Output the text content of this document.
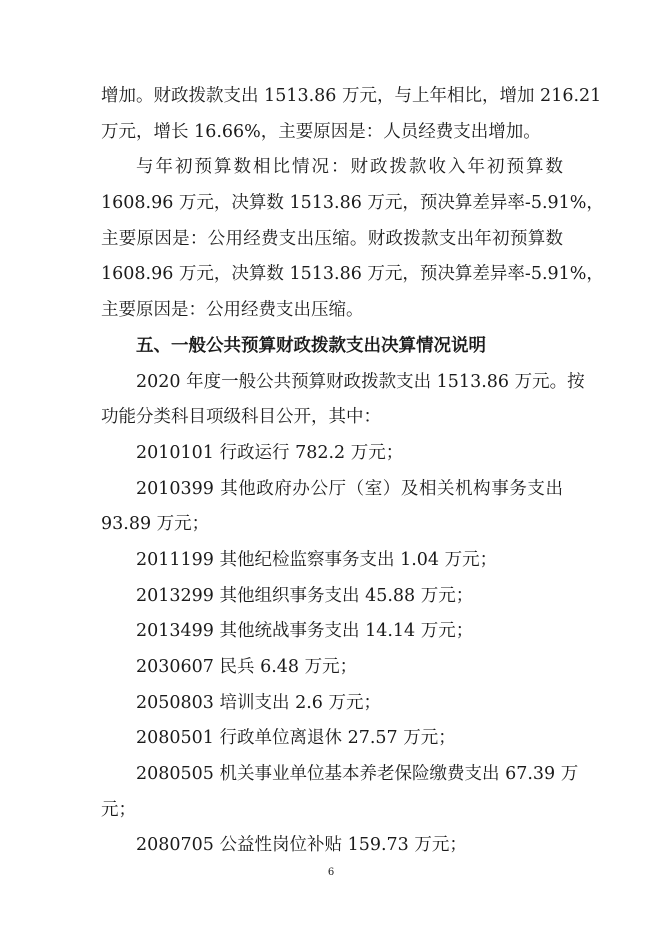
增加。财政拨款支出 1513.86 万元，与上年相比，增加 216.21
万元，增长 16.66%，主要原因是：人员经费支出增加。
与年初预算数相比情况：财政拨款收入年初预算数
1608.96 万元，决算数 1513.86 万元，预决算差异率-5.91%，
主要原因是：公用经费支出压缩。财政拨款支出年初预算数
1608.96 万元，决算数 1513.86 万元，预决算差异率-5.91%，
主要原因是：公用经费支出压缩。
五、一般公共预算财政拨款支出决算情况说明
2020 年度一般公共预算财政拨款支出 1513.86 万元。按
功能分类科目项级科目公开，其中：
2010101 行政运行 782.2 万元；
2010399 其他政府办公厅（室）及相关机构事务支出
93.89 万元；
2011199 其他纪检监察事务支出 1.04 万元；
2013299 其他组织事务支出 45.88 万元；
2013499 其他统战事务支出 14.14 万元；
2030607 民兵 6.48 万元；
2050803 培训支出 2.6 万元；
2080501 行政单位离退休 27.57 万元；
2080505 机关事业单位基本养老保险缴费支出 67.39 万
元；
2080705 公益性岗位补贴 159.73 万元；
6
